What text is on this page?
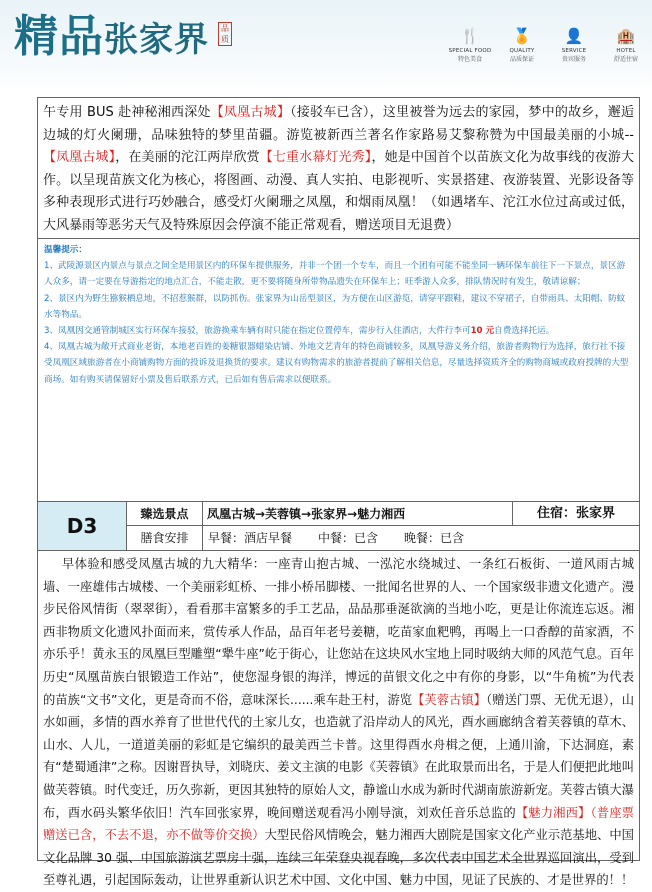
精品张家界	品质	🍴
SPECIAL FOOD
特色美食
🏅
QUALITY
品质保证
👤
SERVICE
贵宾服务
🏨
HOTEL
舒适住宿
午专用 BUS 赴神秘湘西深处【凤凰古城】（接驳车已含），这里被誉为远去的家园，梦中的故乡，邂逅边城的灯火阑珊，品味独特的梦里苗疆。游览被新西兰著名作家路易艾黎称赞为中国最美丽的小城--【凤凰古城】，在美丽的沱江两岸欣赏【七重水幕灯光秀】，她是中国首个以苗族文化为故事线的夜游大作。以呈现苗族文化为核心，将图画、动漫、真人实拍、电影视听、实景搭建、夜游装置、光影设备等多种表现形式进行巧妙融合，感受灯火阑珊之凤凰，和烟雨凤凰！（如遇堵车、沱江水位过高或过低，大风暴雨等恶劣天气及特殊原因会停演不能正常观看，赠送项目无退费）
温馨提示：
1、武陵源景区内景点与景点之间全是用景区内的环保车提供服务，并非一个团一个专车，而且一个团有可能不能坐同一辆环保车前往下一下景点，景区游人众多，请一定要在导游指定的地点汇合，不能走散，更不要将随身所带物品遗失在环保车上；旺季游人众多，排队情况时有发生，敬请谅解；
2、景区内为野生猕猴栖息地，不招惹猴群，以防抓伤。张家界为山岳型景区，为方便在山区游览，请穿平跟鞋，建议不穿裙子，自带雨具、太阳帽、防蚊水等物品。
3、凤凰因交通管制城区实行环保车接驳，旅游换乘车辆有时只能在指定位置停车，需步行入住酒店，大件行李可10 元自费选择托运。
4、凤凰古城为敞开式商业老街，本地老百姓的姜糖银器蜡染店铺、外地文艺青年的特色商铺较多，凤凰导游义务介绍，旅游者购物行为选择，旅行社不接受凤凰区域旅游者在小商铺购物方面的投诉及退换货的要求。建议有购物需求的旅游者提前了解相关信息，尽量选择资质齐全的购物商城或政府授牌的大型商场。如有购买请保留好小票及售后联系方式，已后如有售后需求以便联系。
D3	臻选景点	凤凰古城→芙蓉镇→张家界→魅力湘西	住宿：张家界
膳食安排	早餐：酒店早餐 中餐：已含 晚餐：已含
  早体验和感受凤凰古城的九大精华：一座青山抱古城、一泓沱水绕城过、一条红石板街、一道风雨古城墙、一座雄伟古城楼、一个美丽彩虹桥、一排小桥吊脚楼、一批闻名世界的人、一个国家级非遗文化遗产。漫步民俗风情街（翠翠街），看看那丰富繁多的手工艺品，品品那垂涎欲滴的当地小吃，更是让你流连忘返。湘西非物质文化遗风扑面而来，赏传承人作品，品百年老号姜糖，吃苗家血粑鸭，再喝上一口香醇的苗家酒，不亦乐乎！黄永玉的凤凰巨型雕塑“犟牛座”屹于街心，让您站在这块风水宝地上同时吸纳大师的风范气息。百年历史“凤凰苗族白银锻造工作站”，使您湿身银的海洋，博远的苗银文化之中有你的身影，以“牛角梳”为代表的苗族“文书”文化，更是奇而不俗，意味深长......乘车赴王村，游览【芙蓉古镇】（赠送门票、无优无退），山水如画，多情的酉水养育了世世代代的土家儿女，也造就了沿岸动人的风光，酉水画廊纳含着芙蓉镇的草木、山水、人儿，一道道美丽的彩虹是它编织的最美西兰卡普。这里得酉水舟楫之便，上通川渝，下达洞庭，素有“楚蜀通津”之称。因谢晋执导，刘晓庆、姜文主演的电影《芙蓉镇》在此取景而出名，于是人们便把此地叫做芙蓉镇。时代变迁，历久弥新，更因其独特的原始人文，静谧山水成为新时代湖南旅游新宠。芙蓉古镇大瀑布，酉水码头繁华依旧！汽车回张家界，晚间赠送观看冯小刚导演，刘欢任音乐总监的【魅力湘西】（普座票赠送已含，不去不退，亦不做等价交换）大型民俗风情晚会，魅力湘西大剧院是国家文化产业示范基地、中国文化品牌 30 强、中国旅游演艺票房十强，连续三年荣登央视春晚，多次代表中国艺术全世界巡回演出，受到至尊礼遇，引起国际轰动，让世界重新认识艺术中国、文化中国、魅力中国，见证了民族的、才是世界的！！
